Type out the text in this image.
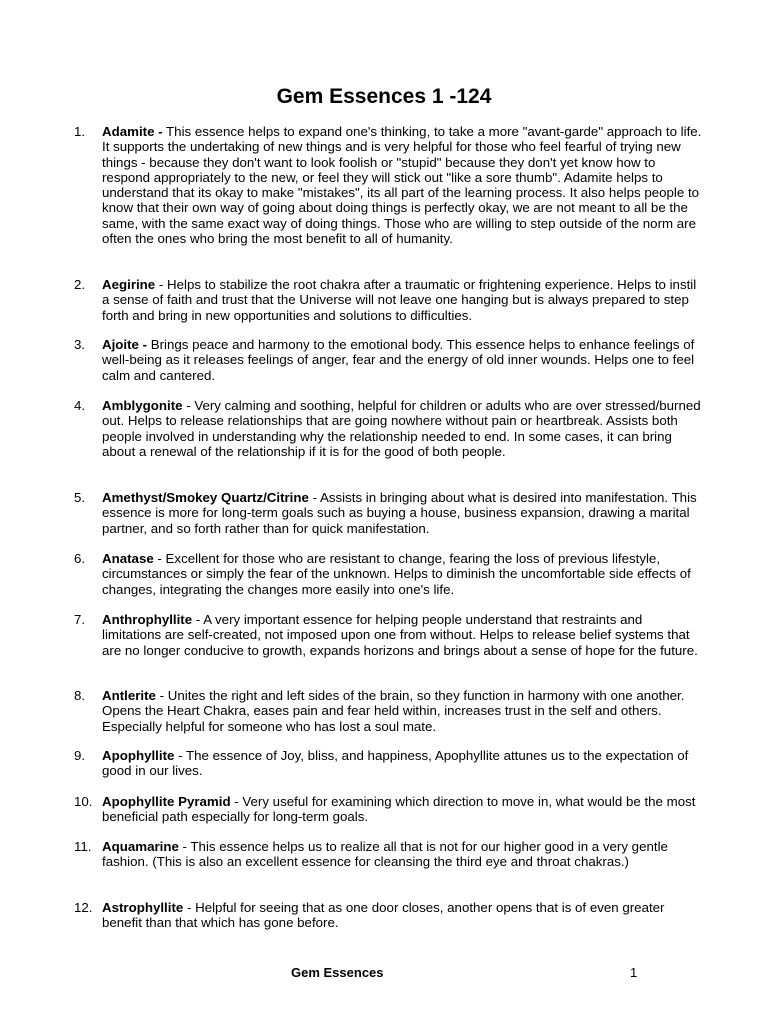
Gem Essences 1 -124
1. Adamite - This essence helps to expand one's thinking, to take a more "avant-garde" approach to life. It supports the undertaking of new things and is very helpful for those who feel fearful of trying new things - because they don't want to look foolish or "stupid" because they don't yet know how to respond appropriately to the new, or feel they will stick out "like a sore thumb". Adamite helps to understand that its okay to make "mistakes", its all part of the learning process. It also helps people to know that their own way of going about doing things is perfectly okay, we are not meant to all be the same, with the same exact way of doing things. Those who are willing to step outside of the norm are often the ones who bring the most benefit to all of humanity.
2. Aegirine - Helps to stabilize the root chakra after a traumatic or frightening experience. Helps to instil a sense of faith and trust that the Universe will not leave one hanging but is always prepared to step forth and bring in new opportunities and solutions to difficulties.
3. Ajoite - Brings peace and harmony to the emotional body. This essence helps to enhance feelings of well-being as it releases feelings of anger, fear and the energy of old inner wounds. Helps one to feel calm and cantered.
4. Amblygonite - Very calming and soothing, helpful for children or adults who are over stressed/burned out. Helps to release relationships that are going nowhere without pain or heartbreak. Assists both people involved in understanding why the relationship needed to end. In some cases, it can bring about a renewal of the relationship if it is for the good of both people.
5. Amethyst/Smokey Quartz/Citrine - Assists in bringing about what is desired into manifestation. This essence is more for long-term goals such as buying a house, business expansion, drawing a marital partner, and so forth rather than for quick manifestation.
6. Anatase - Excellent for those who are resistant to change, fearing the loss of previous lifestyle, circumstances or simply the fear of the unknown. Helps to diminish the uncomfortable side effects of changes, integrating the changes more easily into one's life.
7. Anthrophyllite - A very important essence for helping people understand that restraints and limitations are self-created, not imposed upon one from without. Helps to release belief systems that are no longer conducive to growth, expands horizons and brings about a sense of hope for the future.
8. Antlerite - Unites the right and left sides of the brain, so they function in harmony with one another. Opens the Heart Chakra, eases pain and fear held within, increases trust in the self and others. Especially helpful for someone who has lost a soul mate.
9. Apophyllite - The essence of Joy, bliss, and happiness, Apophyllite attunes us to the expectation of good in our lives.
10. Apophyllite Pyramid - Very useful for examining which direction to move in, what would be the most beneficial path especially for long-term goals.
11. Aquamarine - This essence helps us to realize all that is not for our higher good in a very gentle fashion. (This is also an excellent essence for cleansing the third eye and throat chakras.)
12. Astrophyllite - Helpful for seeing that as one door closes, another opens that is of even greater benefit than that which has gone before.
Gem Essences	1
